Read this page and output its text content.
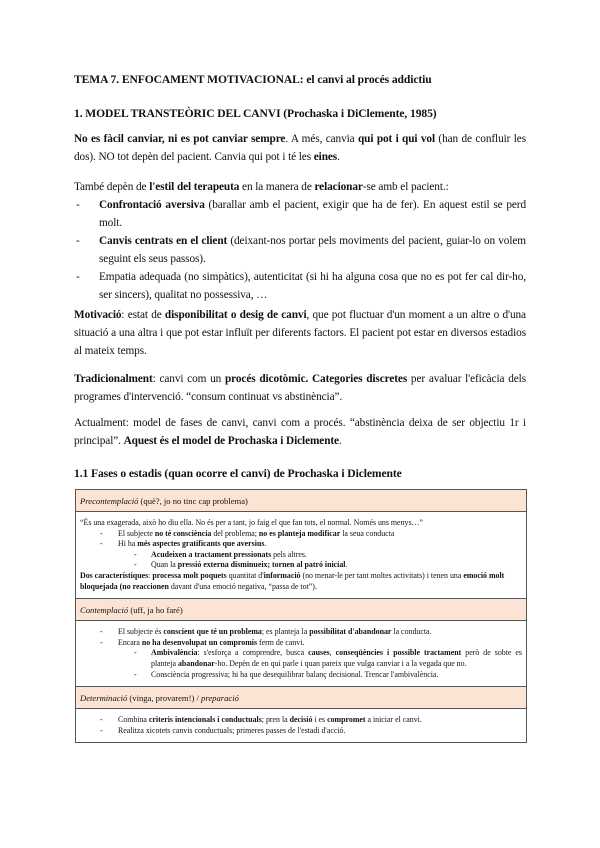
TEMA 7. ENFOCAMENT MOTIVACIONAL: el canvi al procés addictiu
1. MODEL TRANSTEÒRIC DEL CANVI (Prochaska i DiClemente, 1985)
No es fàcil canviar, ni es pot canviar sempre. A més, canvia qui pot i qui vol (han de confluir les dos). NO tot depèn del pacient. Canvia qui pot i té les eines.

També depèn de l'estil del terapeuta en la manera de relacionar-se amb el pacient.:

- Confrontació aversiva (barallar amb el pacient, exigir que ha de fer). En aquest estil se perd molt.
- Canvis centrats en el client (deixant-nos portar pels moviments del pacient, guiar-lo on volem seguint els seus passos).
- Empatia adequada (no simpàtics), autenticitat (si hi ha alguna cosa que no es pot fer cal dir-ho, ser sincers), qualitat no possessiva, …
Motivació: estat de disponibilitat o desig de canvi, que pot fluctuar d'un moment a un altre o d'una situació a una altra i que pot estar influït per diferents factors. El pacient pot estar en diversos estadios al mateix temps.
Tradicionalment: canvi com un procés dicotòmic. Categories discretes per avaluar l'eficàcia dels programes d'intervenció. “consum continuat vs abstinència”.
Actualment: model de fases de canvi, canvi com a procés. “abstinència deixa de ser objectiu 1r i principal”. Aquest és el model de Prochaska i Diclemente.
1.1 Fases o estadis (quan ocorre el canvi) de Prochaska i Diclemente
Precontemplació (què?, jo no tinc cap problema)

“És una exagerada, això ho diu ella. No és per a tant, jo faig el que fan tots, el normal. Només uns menys…”

- El subjecte no té consciència del problema; no es planteja modificar la seua conducta
- Hi ha més aspectes gratificants que aversius.
- Acudeixen a tractament pressionats pels altres.
- Quan la pressió externa disminueix; tornen al patró inicial.

Dos característiques: processa molt poquets quantitat d'informació (no menar-le per tant moltes activitats) i tenen una emoció molt bloquejada (no reaccionen davant d'una emoció negativa, “passa de tot”).

Contemplació (uff, ja ho faré)
- El subjecte és conscient que té un problema; es planteja la possibilitat d'abandonar la conducta.
- Encara no ha desenvolupat un compromís ferm de canvi.
- Ambivalència: s'esforça a comprendre, busca causes, conseqüències i possible tractament però de sobte es planteja abandonar-ho. Depèn de en qui parle i quan pareix que vulga canviar i a la vegada que no.
- Consciència progressiva; hi ha que desequilibrar balanç decisional. Trencar l'ambivalència.
Determinació (vinga, provarem!) / preparació
- Combina criteris intencionals i conductuals; pren la decisió i es compromet a iniciar el canvi.
- Realitza xicotets canvis conductuals; primeres passes de l'estadi d'acció.
